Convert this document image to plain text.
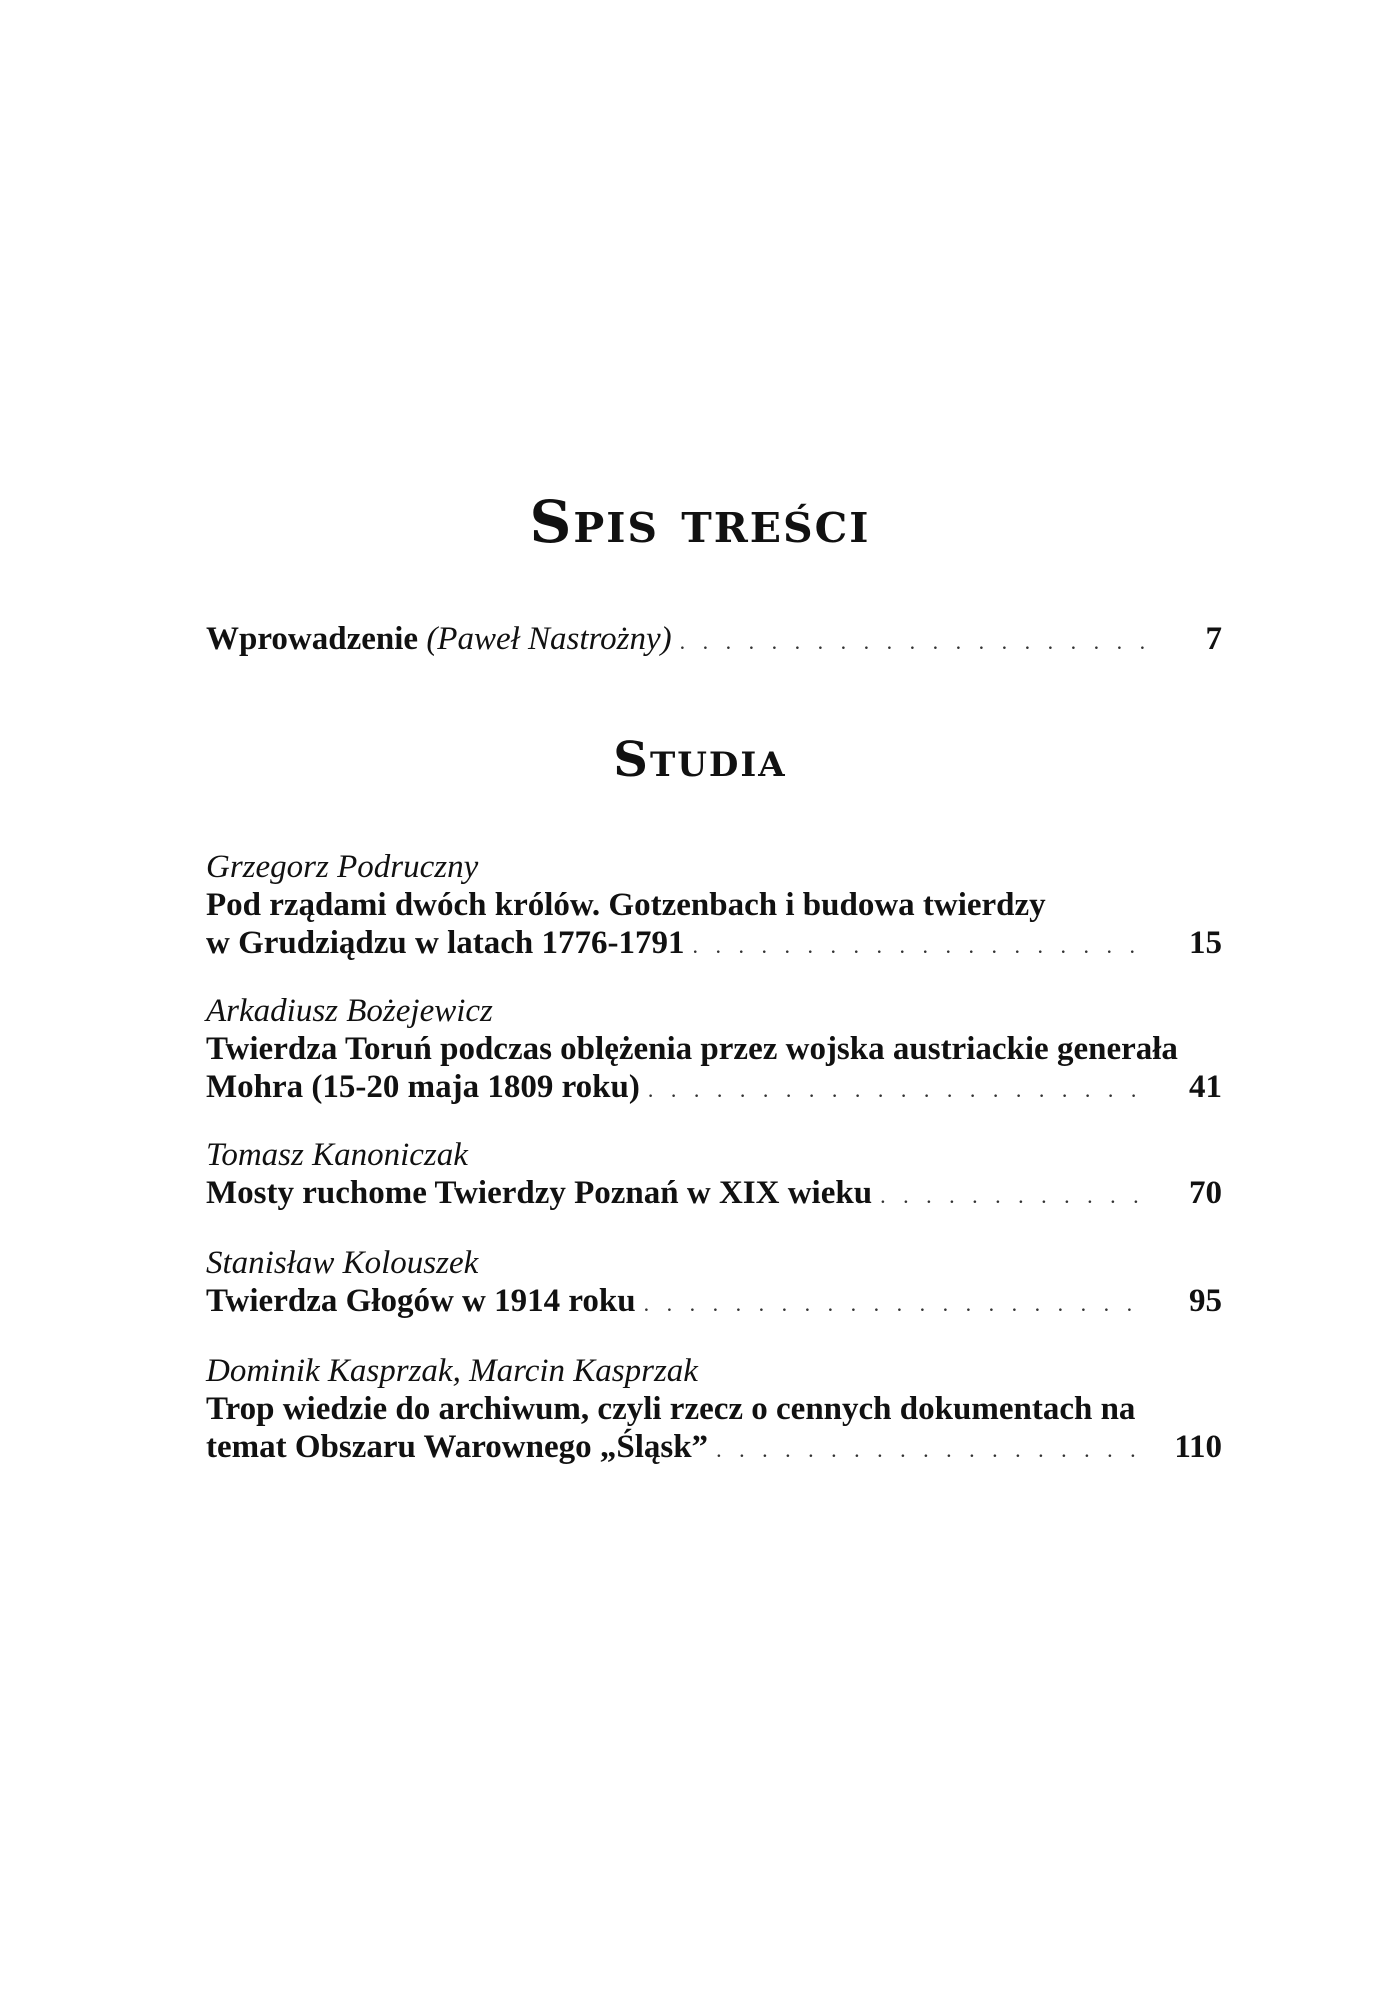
Spis treści
Wprowadzenie (Paweł Nastrożny) . . .	7
Studia
Grzegorz Podruczny
Pod rządami dwóch królów. Gotzenbach i budowa twierdzy
w Grudziądzu w latach 1776-1791 . . .	15
Arkadiusz Bożejewicz
Twierdza Toruń podczas oblężenia przez wojska austriackie generała
Mohra (15-20 maja 1809 roku) . . .	41
Tomasz Kanoniczak
Mosty ruchome Twierdzy Poznań w XIX wieku . . .	70
Stanisław Kolouszek
Twierdza Głogów w 1914 roku . . .	95
Dominik Kasprzak, Marcin Kasprzak
Trop wiedzie do archiwum, czyli rzecz o cennych dokumentach na
temat Obszaru Warownego „Śląsk” . . .	110
